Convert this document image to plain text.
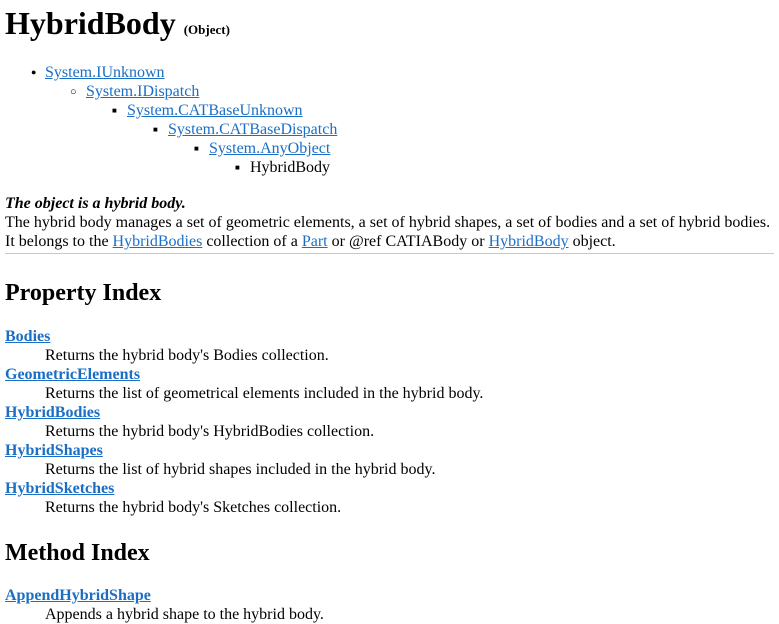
HybridBody (Object)
●
System.IUnknown
○
System.IDispatch
■
System.CATBaseUnknown
■
System.CATBaseDispatch
■
System.AnyObject
■
HybridBody
The object is a hybrid body.
The hybrid body manages a set of geometric elements, a set of hybrid shapes, a set of bodies and a set of hybrid bodies.
It belongs to the HybridBodies collection of a Part or @ref CATIABody or HybridBody object.
Property Index
Bodies
Returns the hybrid body's Bodies collection.
GeometricElements
Returns the list of geometrical elements included in the hybrid body.
HybridBodies
Returns the hybrid body's HybridBodies collection.
HybridShapes
Returns the list of hybrid shapes included in the hybrid body.
HybridSketches
Returns the hybrid body's Sketches collection.
Method Index
AppendHybridShape
Appends a hybrid shape to the hybrid body.
